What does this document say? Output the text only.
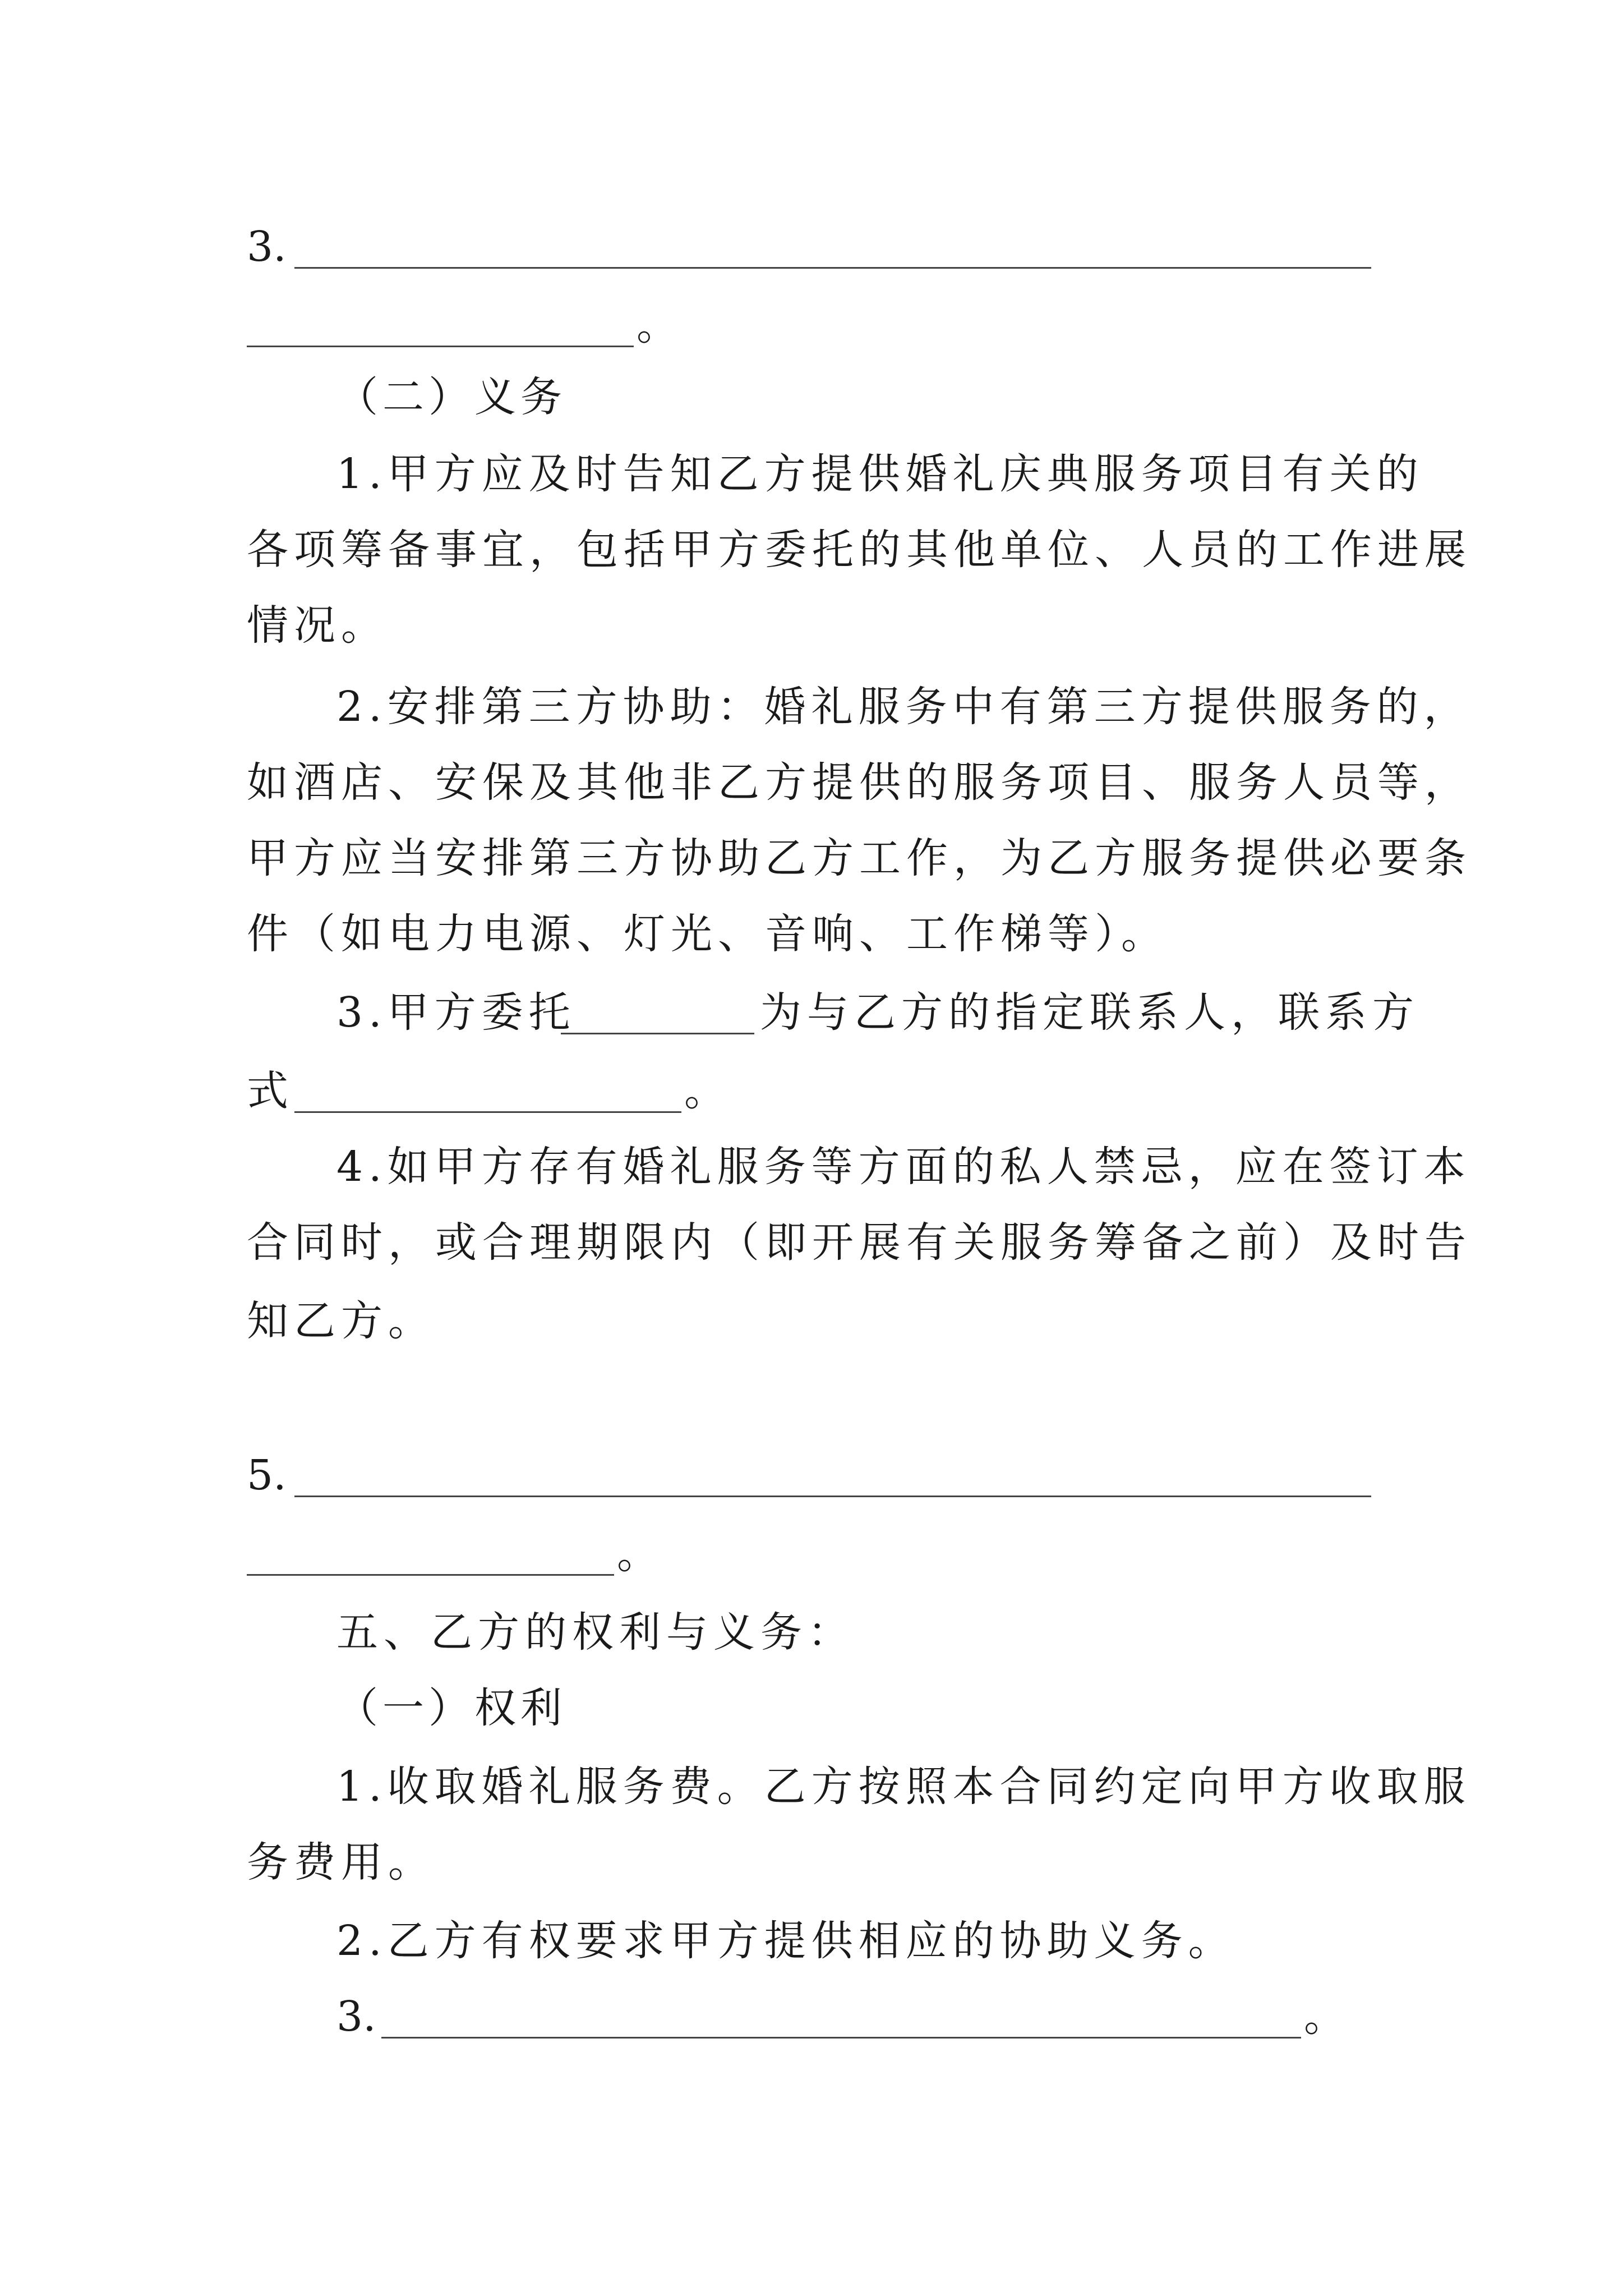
3.
。
（二）义务
1.甲方应及时告知乙方提供婚礼庆典服务项目有关的
各项筹备事宜，包括甲方委托的其他单位、人员的工作进展
情况。
2.安排第三方协助：婚礼服务中有第三方提供服务的，
如酒店、安保及其他非乙方提供的服务项目、服务人员等，
甲方应当安排第三方协助乙方工作，为乙方服务提供必要条
件（如电力电源、灯光、音响、工作梯等）。
3.甲方委托	为与乙方的指定联系人，联系方
式	。
4.如甲方存有婚礼服务等方面的私人禁忌，应在签订本
合同时，或合理期限内（即开展有关服务筹备之前）及时告
知乙方。
5.
。
五、乙方的权利与义务：
（一）权利
1.收取婚礼服务费。乙方按照本合同约定向甲方收取服
务费用。
2.乙方有权要求甲方提供相应的协助义务。
3.	。
